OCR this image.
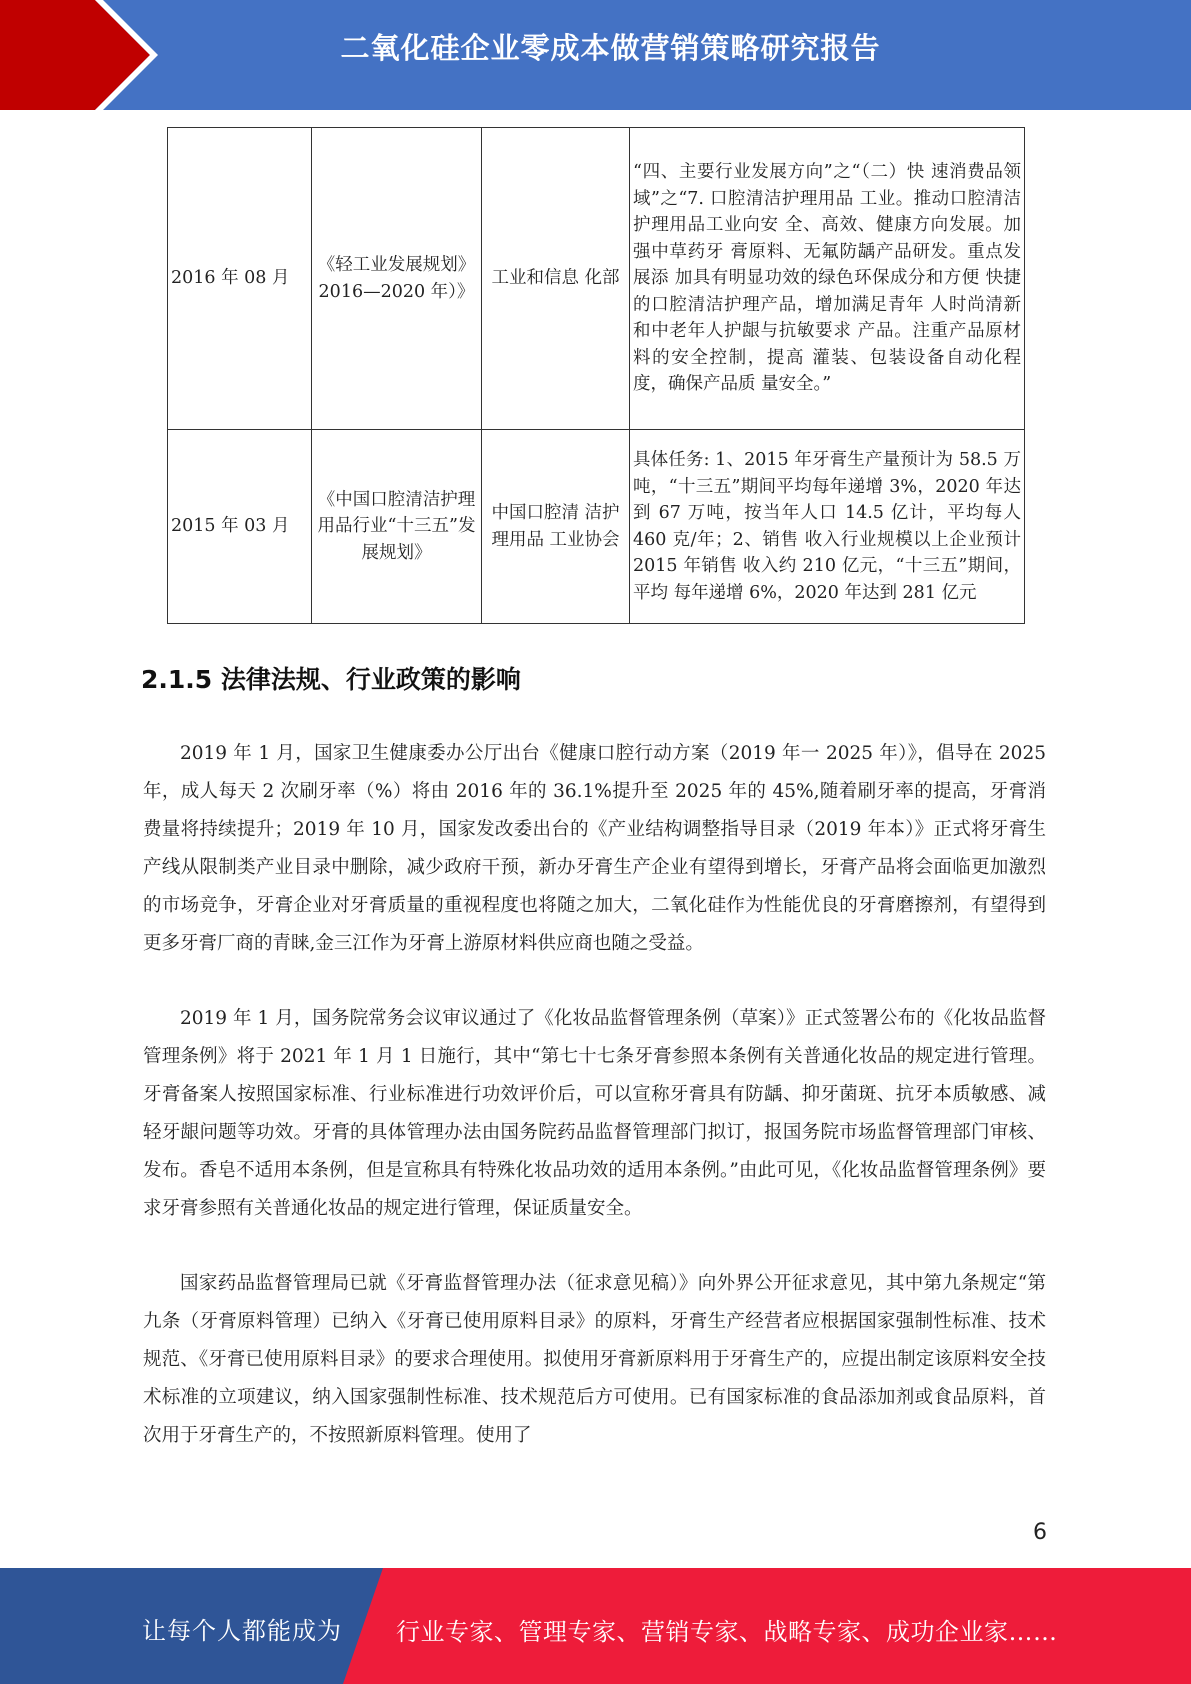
二氧化硅企业零成本做营销策略研究报告
2016 年 08 月	《轻工业发展规划》2016—2020 年）》	工业和信息 化部	“四、主要行业发展方向”之“（二）快 速消费品领域”之“7. 口腔清洁护理用品 工业。推动口腔清洁护理用品工业向安 全、高效、健康方向发展。加强中草药牙 膏原料、无氟防龋产品研发。重点发展添 加具有明显功效的绿色环保成分和方便 快捷的口腔清洁护理产品，增加满足青年 人时尚清新和中老年人护龈与抗敏要求 产品。注重产品原材料的安全控制，提高 灌装、包装设备自动化程度，确保产品质 量安全。”
2015 年 03 月	《中国口腔清洁护理用品行业“十三五”发展规划》	中国口腔清 洁护理用品 工业协会	具体任务: 1、2015 年牙膏生产量预计为 58.5 万吨，“十三五”期间平均每年递增 3%，2020 年达到 67 万吨，按当年人口 14.5 亿计，平均每人 460 克/年；2、销售 收入行业规模以上企业预计 2015 年销售 收入约 210 亿元，“十三五”期间，平均 每年递增 6%，2020 年达到 281 亿元
2.1.5 法律法规、行业政策的影响

2019 年 1 月，国家卫生健康委办公厅出台《健康口腔行动方案（2019 年一 2025 年）》，倡导在 2025 年，成人每天 2 次刷牙率（%）将由 2016 年的 36.1%提升至 2025 年的 45%,随着刷牙率的提高，牙膏消费量将持续提升；2019 年 10 月，国家发改委出台的《产业结构调整指导目录（2019 年本）》正式将牙膏生产线从限制类产业目录中删除，减少政府干预，新办牙膏生产企业有望得到增长，牙膏产品将会面临更加激烈的市场竞争，牙膏企业对牙膏质量的重视程度也将随之加大，二氧化硅作为性能优良的牙膏磨擦剂，有望得到更多牙膏厂商的青睐,金三江作为牙膏上游原材料供应商也随之受益。

2019 年 1 月，国务院常务会议审议通过了《化妆品监督管理条例（草案）》正式签署公布的《化妆品监督管理条例》将于 2021 年 1 月 1 日施行，其中“第七十七条牙膏参照本条例有关普通化妆品的规定进行管理。牙膏备案人按照国家标准、行业标准进行功效评价后，可以宣称牙膏具有防龋、抑牙菌斑、抗牙本质敏感、减轻牙龈问题等功效。牙膏的具体管理办法由国务院药品监督管理部门拟订，报国务院市场监督管理部门审核、发布。香皂不适用本条例，但是宣称具有特殊化妆品功效的适用本条例。”由此可见，《化妆品监督管理条例》要求牙膏参照有关普通化妆品的规定进行管理，保证质量安全。

国家药品监督管理局已就《牙膏监督管理办法（征求意见稿）》向外界公开征求意见，其中第九条规定“第九条（牙膏原料管理）已纳入《牙膏已使用原料目录》的原料，牙膏生产经营者应根据国家强制性标准、技术规范、《牙膏已使用原料目录》的要求合理使用。拟使用牙膏新原料用于牙膏生产的，应提出制定该原料安全技术标准的立项建议，纳入国家强制性标准、技术规范后方可使用。已有国家标准的食品添加剂或食品原料，首次用于牙膏生产的，不按照新原料管理。使用了

6
让每个人都能成为 行业专家、管理专家、营销专家、战略专家、成功企业家……
